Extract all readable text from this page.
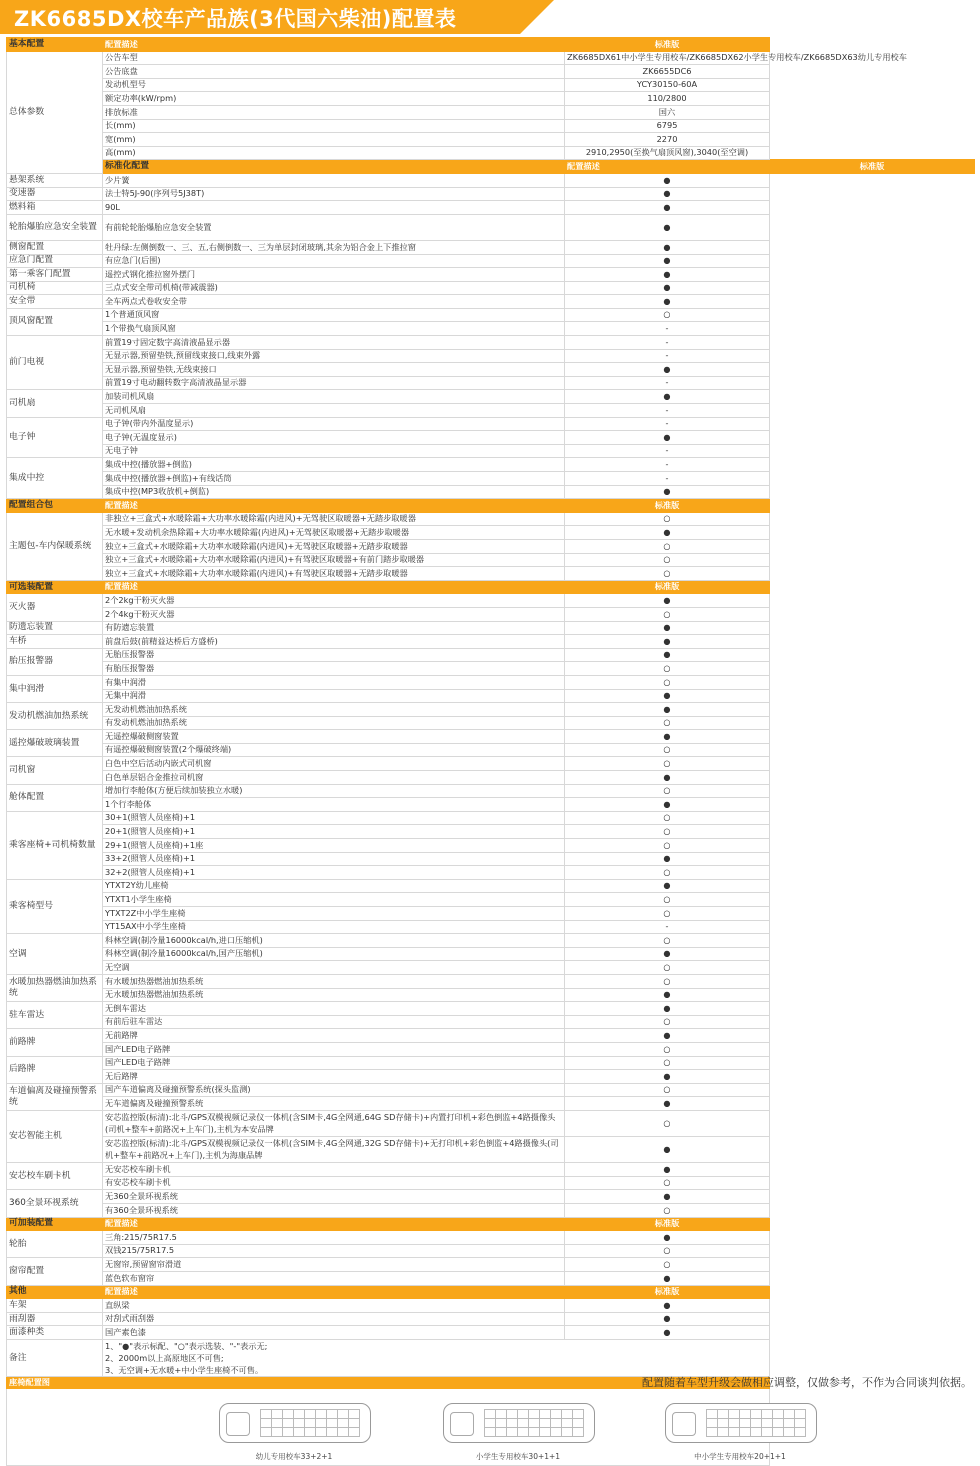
ZK6685DX校车产品族(3代国六柴油)配置表
基本配置	配置描述	标准版	
总体参数	公告车型	ZK6685DX61中小学生专用校车/ZK6685DX62小学生专用校车/ZK6685DX63幼儿专用校车	
	公告底盘	ZK6655DC6	
	发动机型号	YCY30150-60A	
	额定功率(kW/rpm)	110/2800	
	排放标准	国六	
	长(mm)	6795	
	宽(mm)	2270	
	高(mm)	2910,2950(至换气扇顶风窗),3040(至空调)	
	标准化配置	配置描述	标准版
悬架系统	少片簧	●	
变速器	法士特5J-90(序列号5J38T)	●	
燃料箱	90L	●	
轮胎爆胎应急安全装置	有前轮轮胎爆胎应急安全装置	●	
侧窗配置	牡丹绿:左侧倒数一、三、五,右侧倒数一、三为单层封闭玻璃,其余为铝合金上下推拉窗	●	
应急门配置	有应急门(后围)	●	
第一乘客门配置	遥控式钢化推拉窗外摆门	●	
司机椅	三点式安全带司机椅(带减震器)	●	
安全带	全车两点式卷收安全带	●	
顶风窗配置	1个普通顶风窗	○	
	1个带换气扇顶风窗	-	
前门电视	前置19寸固定数字高清液晶显示器	-	
	无显示器,预留垫铁,预留线束接口,线束外露	-	
	无显示器,预留垫铁,无线束接口	●	
	前置19寸电动翻转数字高清液晶显示器	-	
司机扇	加装司机风扇	●	
	无司机风扇	-	
电子钟	电子钟(带内外温度显示)	-	
	电子钟(无温度显示)	●	
	无电子钟	-	
集成中控	集成中控(播放器+倒监)	-	
	集成中控(播放器+倒监)+有线话筒	-	
	集成中控(MP3收放机+倒监)	●	
配置组合包	配置描述	标准版	
主题包-车内保暖系统	非独立+三盒式+水暖除霜+大功率水暖除霜(内进风)+无驾驶区取暖器+无踏步取暖器	○	
	无水暖+发动机余热除霜+大功率水暖除霜(内进风)+无驾驶区取暖器+无踏步取暖器	●	
	独立+三盒式+水暖除霜+大功率水暖除霜(内进风)+无驾驶区取暖器+无踏步取暖器	○	
	独立+三盒式+水暖除霜+大功率水暖除霜(内进风)+有驾驶区取暖器+有前门踏步取暖器	○	
	独立+三盒式+水暖除霜+大功率水暖除霜(内进风)+有驾驶区取暖器+无踏步取暖器	○	
可选装配置	配置描述	标准版	
灭火器	2个2kg干粉灭火器	●	
	2个4kg干粉灭火器	○	
防遗忘装置	有防遗忘装置	●	
车桥	前盘后鼓(前精益达桥后方盛桥)	●	
胎压报警器	无胎压报警器	●	
	有胎压报警器	○	
集中润滑	有集中润滑	○	
	无集中润滑	●	
发动机燃油加热系统	无发动机燃油加热系统	●	
	有发动机燃油加热系统	○	
遥控爆破玻璃装置	无遥控爆破侧窗装置	●	
	有遥控爆破侧窗装置(2个爆破终端)	○	
司机窗	白色中空后活动内嵌式司机窗	○	
	白色单层铝合金推拉司机窗	●	
舱体配置	增加行李舱体(方便后续加装独立水暖)	○	
	1个行李舱体	●	
乘客座椅+司机椅数量	30+1(照管人员座椅)+1	○	
	20+1(照管人员座椅)+1	○	
	29+1(照管人员座椅)+1座	○	
	33+2(照管人员座椅)+1	●	
	32+2(照管人员座椅)+1	○	
乘客椅型号	YTXT2Y幼儿座椅	●	
	YTXT1小学生座椅	○	
	YTXT2Z中小学生座椅	○	
	YT15AX中小学生座椅	-	
空调	科林空调(制冷量16000kcal/h,进口压缩机)	○	
	科林空调(制冷量16000kcal/h,国产压缩机)	●	
	无空调	○	
水暖加热器燃油加热系统	有水暖加热器燃油加热系统	○	
	无水暖加热器燃油加热系统	●	
驻车雷达	无倒车雷达	●	
	有前后驻车雷达	○	
前路牌	无前路牌	●	
	国产LED电子路牌	○	
后路牌	国产LED电子路牌	○	
	无后路牌	●	
车道偏离及碰撞预警系统	国产车道偏离及碰撞预警系统(探头监测)	○	
	无车道偏离及碰撞预警系统	●	
安芯智能主机	安芯监控版(标清):北斗/GPS双模视频记录仪一体机(含SIM卡,4G全网通,64G SD存储卡)+内置打印机+彩色倒监+4路摄像头(司机+整车+前路况+上车门),主机为本安品牌	○	
	安芯监控版(标清):北斗/GPS双模视频记录仪一体机(含SIM卡,4G全网通,32G SD存储卡)+无打印机+彩色倒监+4路摄像头(司机+整车+前路况+上车门),主机为海康品牌	●	
安芯校车刷卡机	无安芯校车刷卡机	●	
	有安芯校车刷卡机	○	
360全景环视系统	无360全景环视系统	●	
	有360全景环视系统	○	
可加装配置	配置描述	标准版	
轮胎	三角:215/75R17.5	●	
	双钱215/75R17.5	○	
窗帘配置	无窗帘,预留窗帘滑道	○	
	蓝色软布窗帘	●	
其他	配置描述	标准版	
车架	直纵梁	●	
雨刮器	对刮式雨刮器	●	
面漆种类	国产素色漆	●	
备注	1、"●"表示标配、"○"表示选装、"-"表示无;
2、2000m以上高原地区不可售;
3、无空调+无水暖+中小学生座椅不可售。		

座椅配置图			

幼儿专用校车33+2+1 小学生专用校车30+1+1 中小学生专用校车20+1+1			
配置随着车型升级会做相应调整，仅做参考，不作为合同谈判依据。
